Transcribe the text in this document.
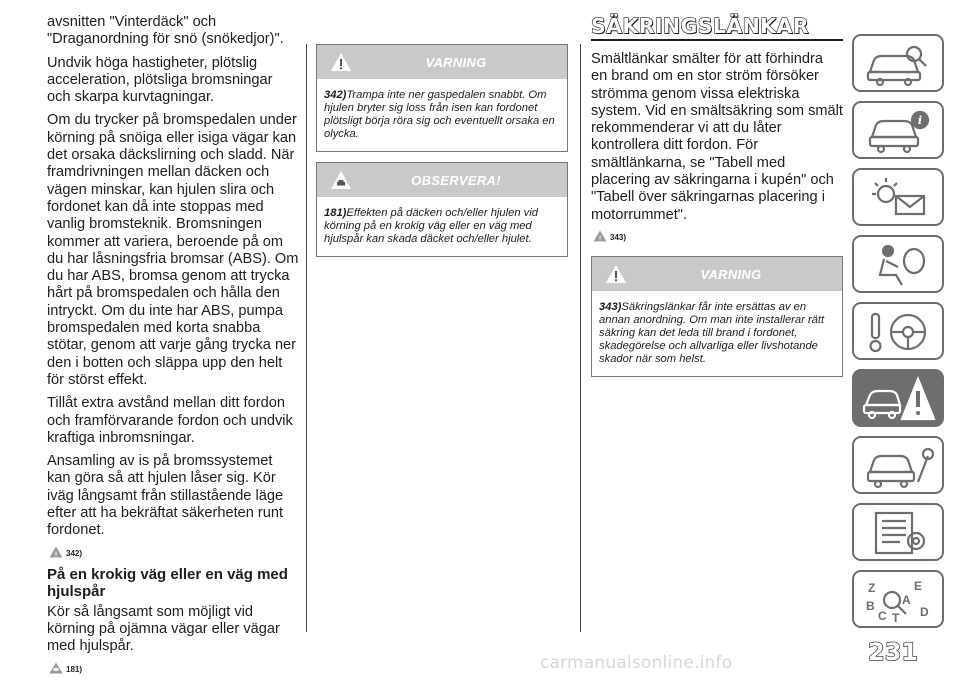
avsnitten "Vinterdäck" och "Draganordning för snö (snökedjor)".

Undvik höga hastigheter, plötslig acceleration, plötsliga bromsningar och skarpa kurvtagningar.

Om du trycker på bromspedalen under körning på snöiga eller isiga vägar kan det orsaka däckslirning och sladd. När framdrivningen mellan däcken och vägen minskar, kan hjulen slira och fordonet kan då inte stoppas med vanlig bromsteknik. Bromsningen kommer att variera, beroende på om du har låsningsfria bromsar (ABS). Om du har ABS, bromsa genom att trycka hårt på bromspedalen och hålla den intryckt. Om du inte har ABS, pumpa bromspedalen med korta snabba stötar, genom att varje gång trycka ner den i botten och släppa upp den helt för störst effekt.

Tillåt extra avstånd mellan ditt fordon och framförvarande fordon och undvik kraftiga inbromsningar.

Ansamling av is på bromssystemet kan göra så att hjulen låser sig. Kör iväg långsamt från stillastående läge efter att ha bekräftat säkerheten runt fordonet.

! 342)
På en krokig väg eller en väg med hjulspår

Kör så långsamt som möjligt vid körning på ojämna vägar eller vägar med hjulspår.

181)
VARNING
342)Trampa inte ner gaspedalen snabbt. Om hjulen bryter sig loss från isen kan fordonet plötsligt börja röra sig och eventuellt orsaka en olycka.
OBSERVERA!
181)Effekten på däcken och/eller hjulen vid körning på en krokig väg eller en väg med hjulspår kan skada däcket och/eller hjulet.
SÄKRINGSLÄNKAR

Smältlänkar smälter för att förhindra en brand om en stor ström försöker strömma genom vissa elektriska system. Vid en smältsäkring som smält rekommenderar vi att du låter kontrollera ditt fordon. För smältlänkarna, se "Tabell med placering av säkringarna i kupén" och "Tabell över säkringarnas placering i motorrummet".

! 343)
VARNING
343)Säkringslänkar får inte ersättas av en annan anordning. Om man inte installerar rätt säkring kan det leda till brand i fordonet, skadegörelse och allvarliga eller livshotande skador när som helst.
i
Z	E
B A
C T D
231
carmanualsonline.info
